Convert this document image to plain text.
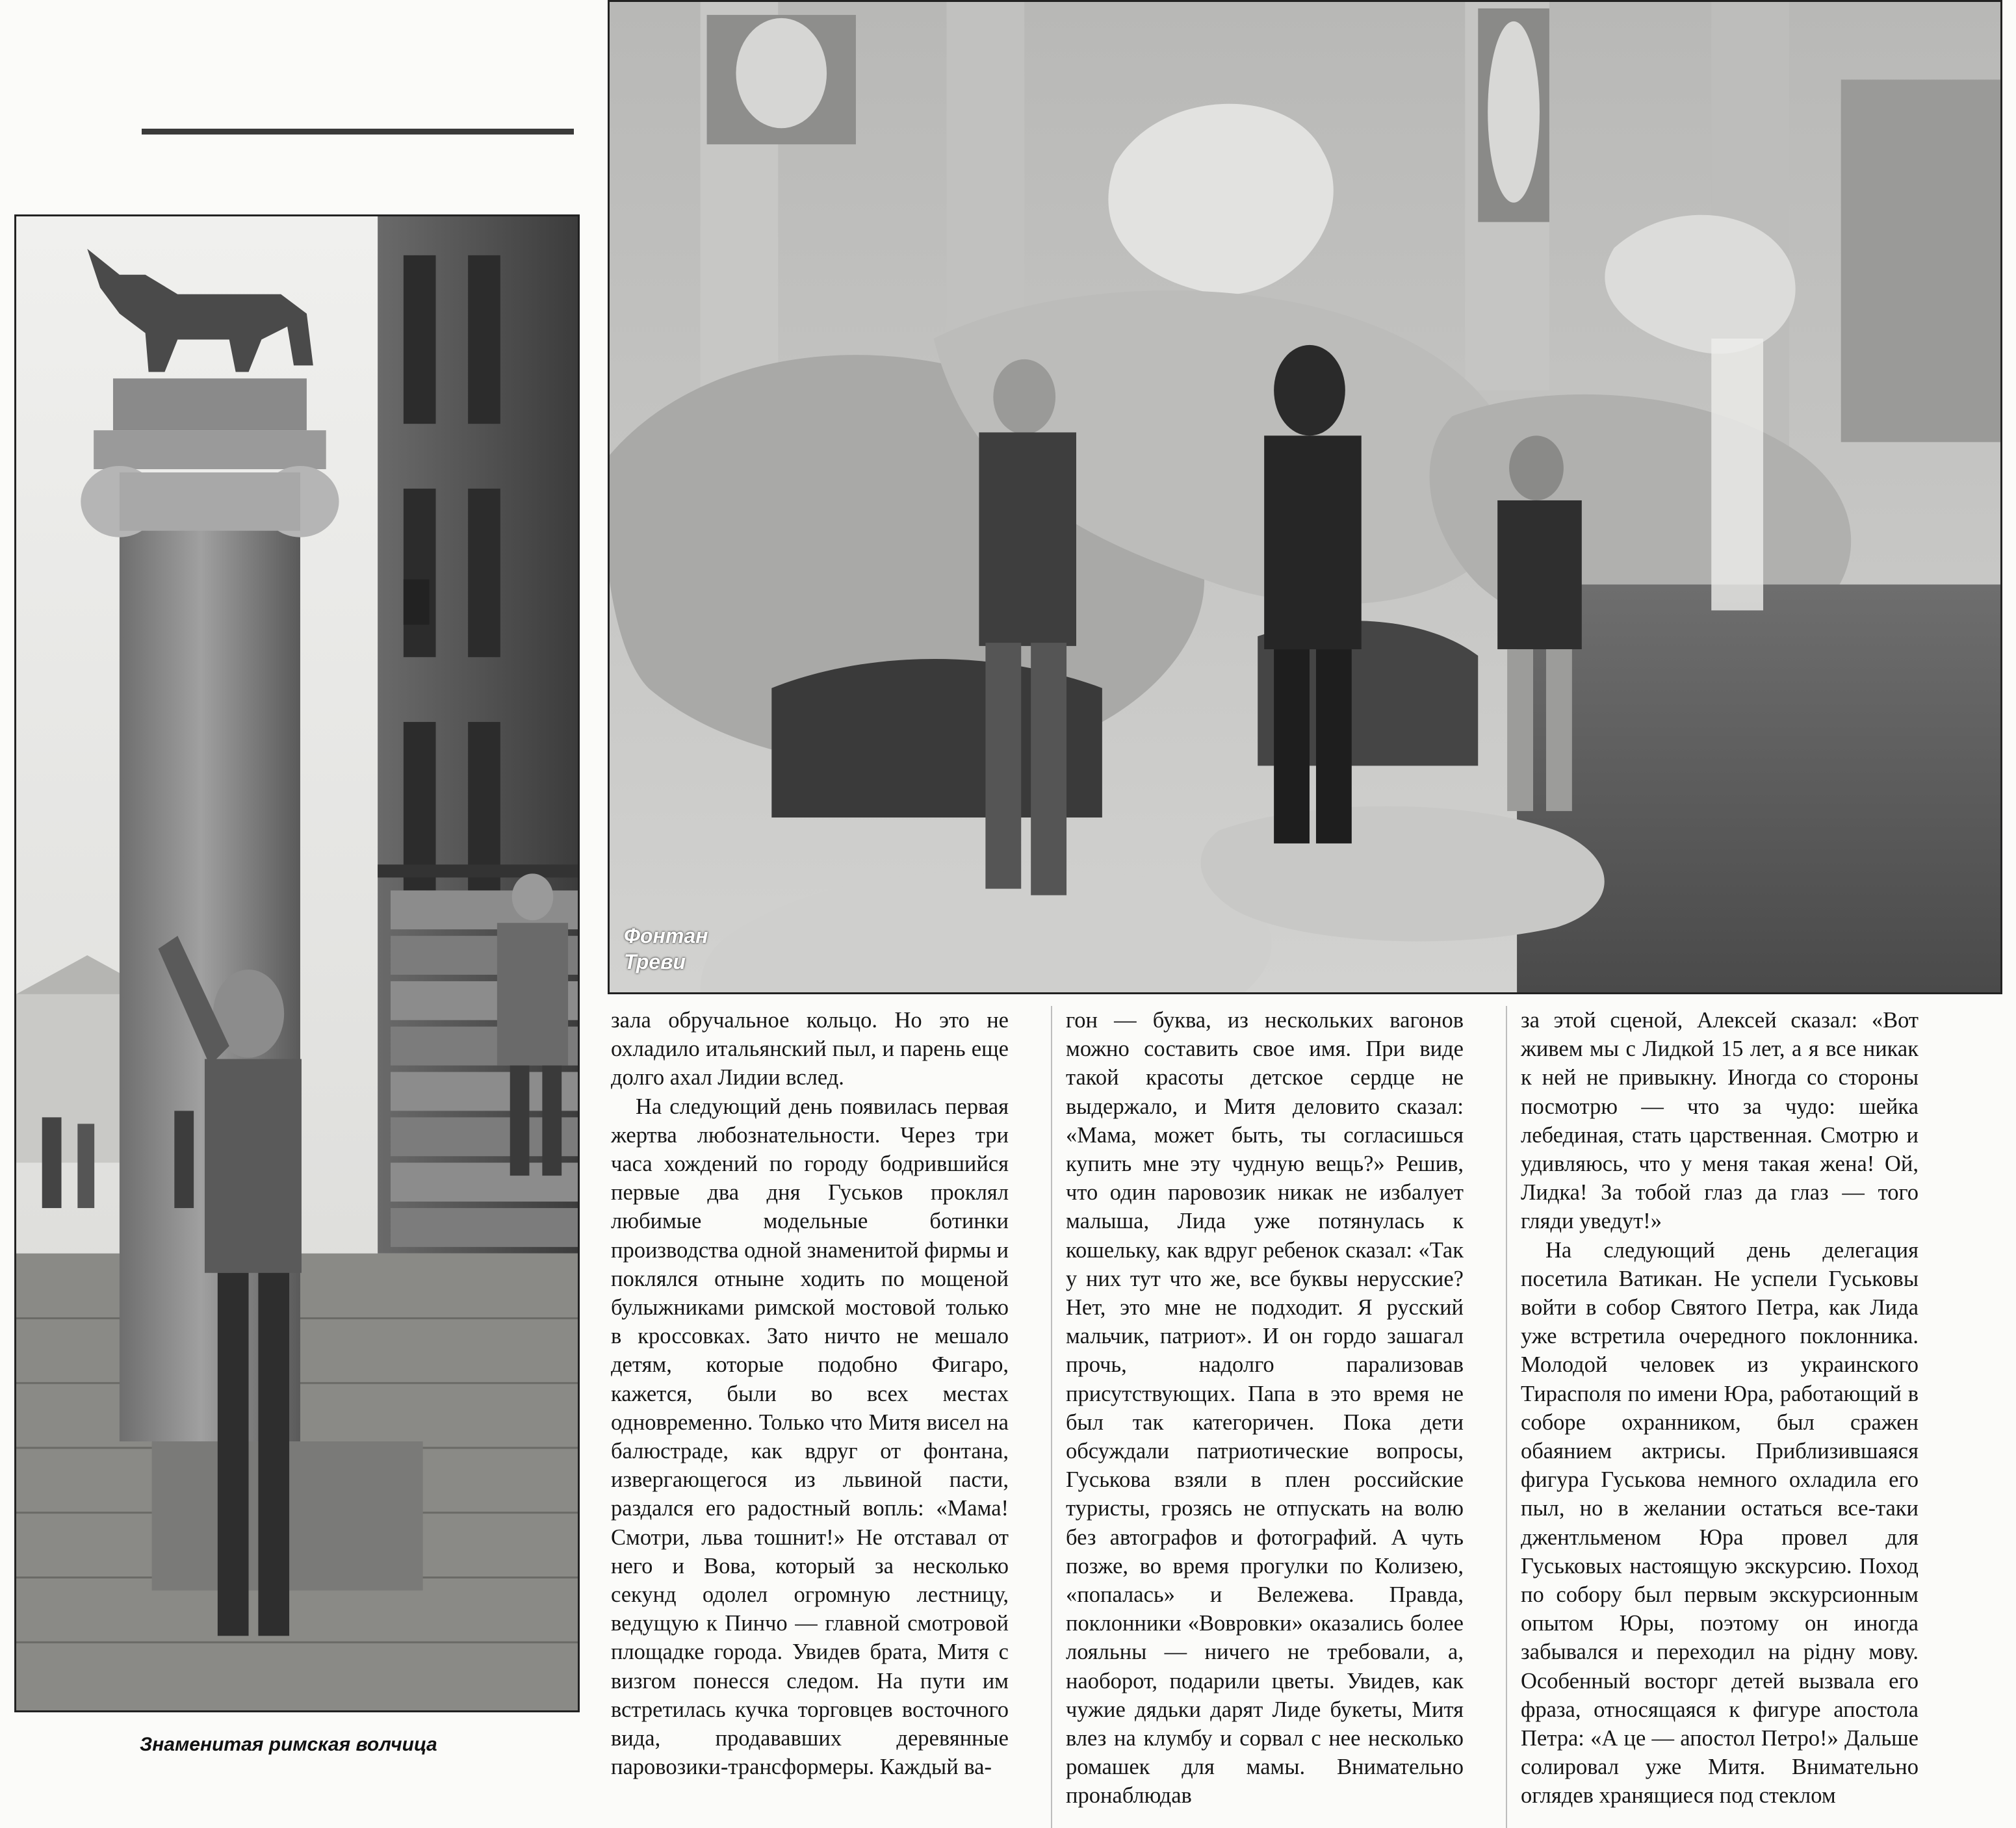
Знаменитая римская волчица
Фонтан
Треви

зала обручальное кольцо. Но это не охладило итальянский пыл, и парень еще долго ахал Лидии вслед.

На следующий день появилась первая жертва любознательности. Через три часа хождений по городу бодрившийся первые два дня Гуськов проклял любимые модельные ботинки производства одной знаменитой фирмы и поклялся отныне ходить по мощеной булыжниками римской мостовой только в кроссовках. Зато ничто не мешало детям, которые подобно Фигаро, кажется, были во всех местах одновременно. Только что Митя висел на балюстраде, как вдруг от фонтана, извергающегося из львиной пасти, раздался его радостный вопль: «Мама! Смотри, льва тошнит!» Не отставал от него и Вова, который за несколько секунд одолел огромную лестницу, ведущую к Пинчо — главной смотровой площадке города. Увидев брата, Митя с визгом понесся следом. На пути им встретилась кучка торговцев восточного вида, продававших деревянные паровозики-трансформеры. Каждый ва-

гон — буква, из нескольких вагонов можно составить свое имя. При виде такой красоты детское сердце не выдержало, и Митя деловито сказал: «Мама, может быть, ты согласишься купить мне эту чудную вещь?» Решив, что один паровозик никак не избалует малыша, Лида уже потянулась к кошельку, как вдруг ребенок сказал: «Так у них тут что же, все буквы нерусские? Нет, это мне не подходит. Я русский мальчик, патриот». И он гордо зашагал прочь, надолго парализовав присутствующих. Папа в это время не был так категоричен. Пока дети обсуждали патриотические вопросы, Гуськова взяли в плен российские туристы, грозясь не отпускать на волю без автографов и фотографий. А чуть позже, во время прогулки по Колизею, «попалась» и Вележева. Правда, поклонники «Вовровки» оказались более лояльны — ничего не требовали, а, наоборот, подарили цветы. Увидев, как чужие дядьки дарят Лиде букеты, Митя влез на клумбу и сорвал с нее несколько ромашек для мамы. Внимательно пронаблюдав

за этой сценой, Алексей сказал: «Вот живем мы с Лидкой 15 лет, а я все никак к ней не привыкну. Иногда со стороны посмотрю — что за чудо: шейка лебединая, стать царственная. Смотрю и удивляюсь, что у меня такая жена! Ой, Лидка! За тобой глаз да глаз — того гляди уведут!»

На следующий день делегация посетила Ватикан. Не успели Гуськовы войти в собор Святого Петра, как Лида уже встретила очередного поклонника. Молодой человек из украинского Тирасполя по имени Юра, работающий в соборе охранником, был сражен обаянием актрисы. Приблизившаяся фигура Гуськова немного охладила его пыл, но в желании остаться все-таки джентльменом Юра провел для Гуськовых настоящую экскурсию. Поход по собору был первым экскурсионным опытом Юры, поэтому он иногда забывался и переходил на рiдну мову. Особенный восторг детей вызвала его фраза, относящаяся к фигуре апостола Петра: «А це — апостол Петро!» Дальше солировал уже Митя. Внимательно оглядев хранящиеся под стеклом
